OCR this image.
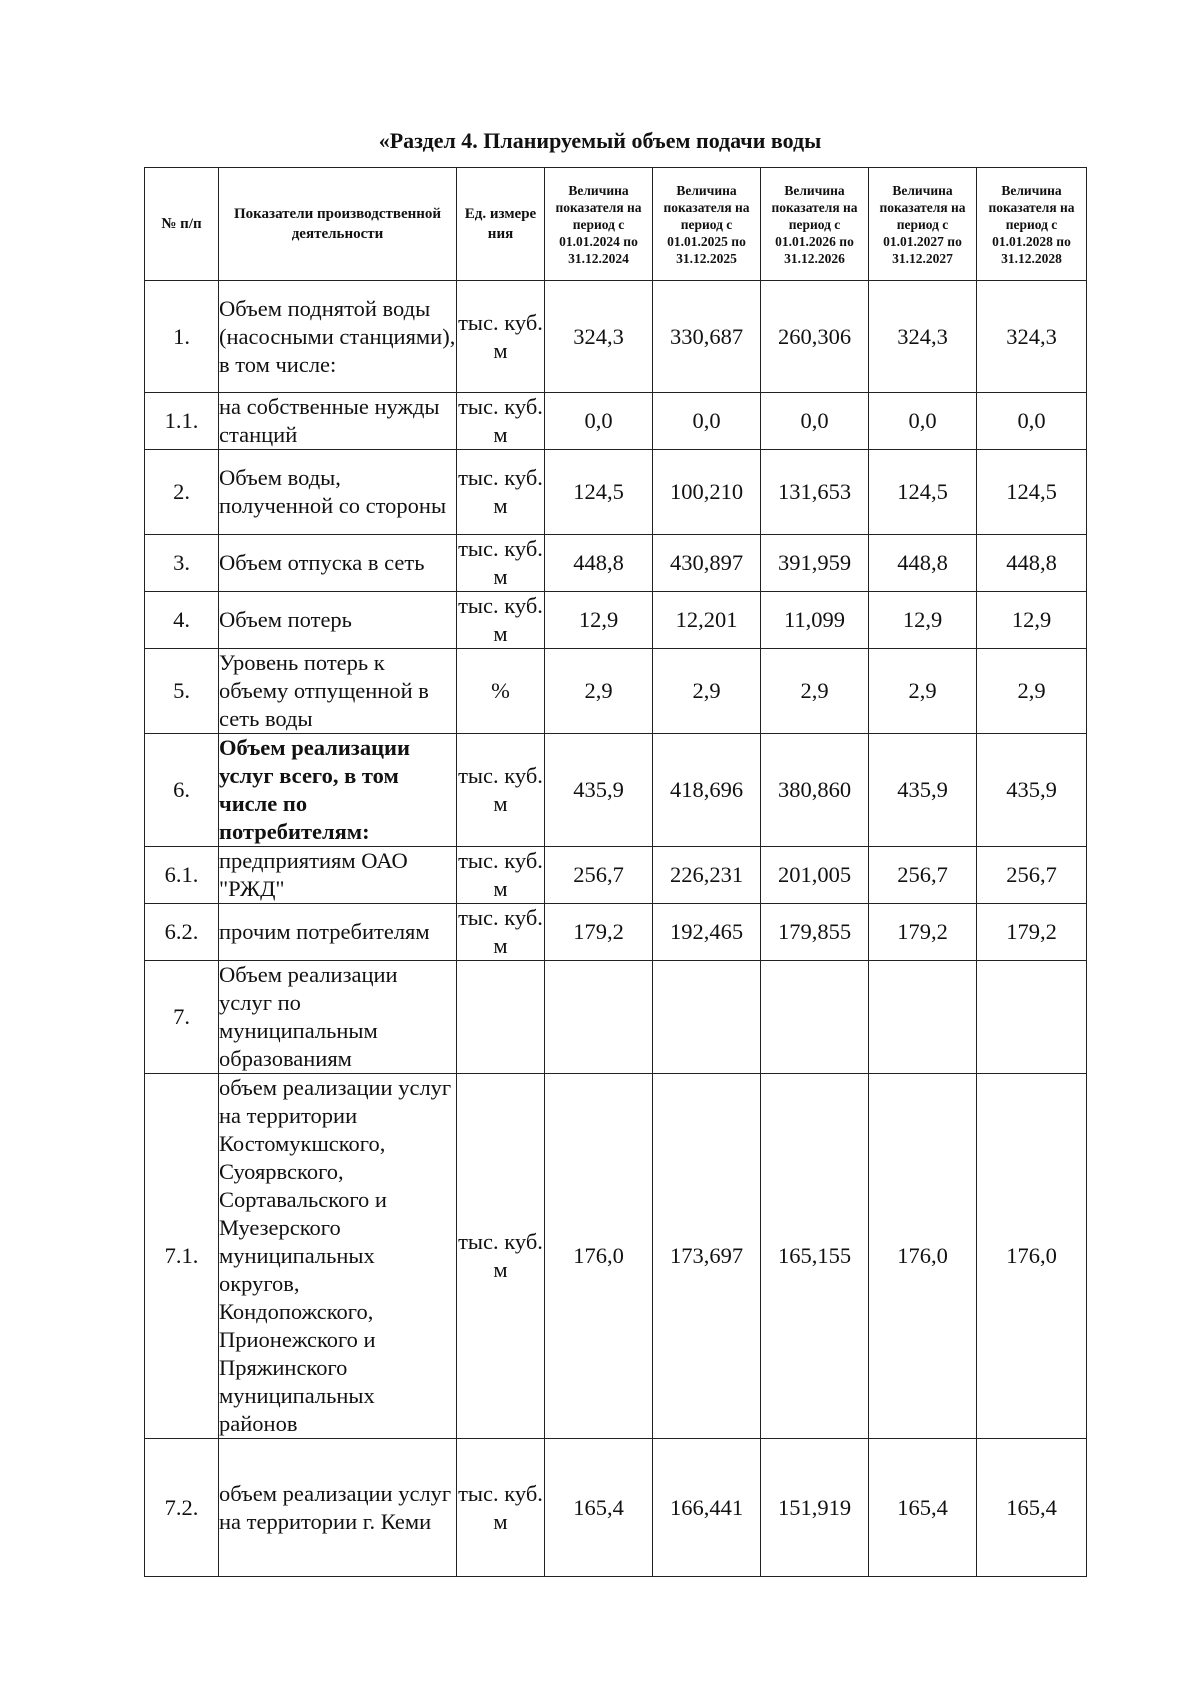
«Раздел 4. Планируемый объем подачи воды
№ п/п	Показатели производственной деятельности	Ед. измере ния	Величина показателя на период с 01.01.2024 по 31.12.2024	Величина показателя на период с 01.01.2025 по 31.12.2025	Величина показателя на период с 01.01.2026 по 31.12.2026	Величина показателя на период с 01.01.2027 по 31.12.2027	Величина показателя на период с 01.01.2028 по 31.12.2028
1.	Объем поднятой воды (насосными станциями), в том числе:	тыс. куб. м	324,3	330,687	260,306	324,3	324,3
1.1.	на собственные нужды станций	тыс. куб. м	0,0	0,0	0,0	0,0	0,0
2.	Объем воды, полученной со стороны	тыс. куб. м	124,5	100,210	131,653	124,5	124,5
3.	Объем отпуска в сеть	тыс. куб. м	448,8	430,897	391,959	448,8	448,8
4.	Объем потерь	тыс. куб. м	12,9	12,201	11,099	12,9	12,9
5.	Уровень потерь к объему отпущенной в сеть воды	%	2,9	2,9	2,9	2,9	2,9
6.	Объем реализации услуг всего, в том числе по потребителям:	тыс. куб. м	435,9	418,696	380,860	435,9	435,9
6.1.	предприятиям ОАО "РЖД"	тыс. куб. м	256,7	226,231	201,005	256,7	256,7
6.2.	прочим потребителям	тыс. куб. м	179,2	192,465	179,855	179,2	179,2
7.	Объем реализации услуг по муниципальным образованиям						
7.1.	объем реализации услуг на территории Костомукшского, Суоярвского, Сортавальского и Муезерского муниципальных округов, Кондопожского, Прионежского и Пряжинского муниципальных районов	тыс. куб. м	176,0	173,697	165,155	176,0	176,0
7.2.	объем реализации услуг на территории г. Кеми	тыс. куб. м	165,4	166,441	151,919	165,4	165,4
